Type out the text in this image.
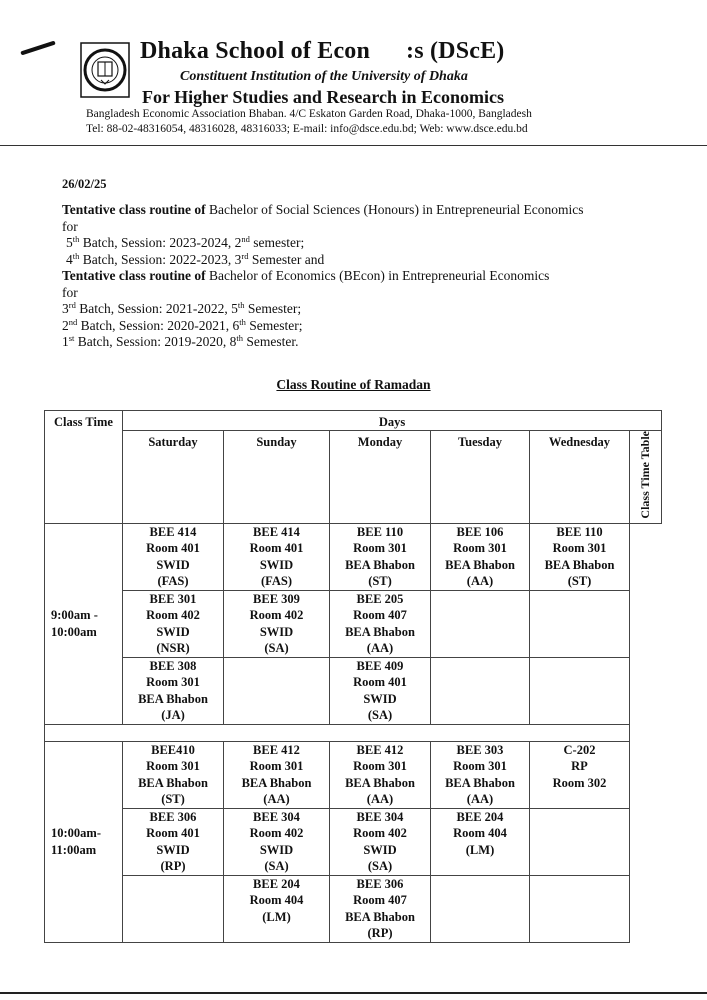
Dhaka School of Econ :s (DScE)
Constituent Institution of the University of Dhaka
For Higher Studies and Research in Economics
Bangladesh Economic Association Bhaban. 4/C Eskaton Garden Road, Dhaka-1000, Bangladesh
Tel: 88-02-48316054, 48316028, 48316033; E-mail: info@dsce.edu.bd; Web: www.dsce.edu.bd
26/02/25
Tentative class routine of Bachelor of Social Sciences (Honours) in Entrepreneurial Economics
for
5th Batch, Session: 2023-2024, 2nd semester;
4th Batch, Session: 2022-2023, 3rd Semester and
Tentative class routine of Bachelor of Economics (BEcon) in Entrepreneurial Economics
for
3rd Batch, Session: 2021-2022, 5th Semester;
2nd Batch, Session: 2020-2021, 6th Semester;
1st Batch, Session: 2019-2020, 8th Semester.
Class Routine of Ramadan
Class Time	Days					
	Saturday	Sunday	Monday	Tuesday	Wednesday	Class Time Table
9:00am - 10:00am	BEE 414
Room 401
SWID
(FAS)	BEE 414
Room 401
SWID
(FAS)	BEE 110
Room 301
BEA Bhabon
(ST)	BEE 106
Room 301
BEA Bhabon
(AA)	BEE 110
Room 301
BEA Bhabon
(ST)	

	BEE 301
Room 402
SWID
(NSR)	BEE 309
Room 402
SWID
(SA)	BEE 205
Room 407
BEA Bhabon
(AA)			

	BEE 308
Room 301
BEA Bhabon
(JA)		BEE 409
Room 401
SWID
(SA)			

10:00am-11:00am	BEE410
Room 301
BEA Bhabon
(ST)	BEE 412
Room 301
BEA Bhabon
(AA)	BEE 412
Room 301
BEA Bhabon
(AA)	BEE 303
Room 301
BEA Bhabon
(AA)	C-202
RP
Room 302	

	BEE 306
Room 401
SWID
(RP)	BEE 304
Room 402
SWID
(SA)	BEE 304
Room 402
SWID
(SA)	BEE 204
Room 404
(LM)		

		BEE 204
Room 404
(LM)	BEE 306
Room 407
BEA Bhabon
(RP)			
